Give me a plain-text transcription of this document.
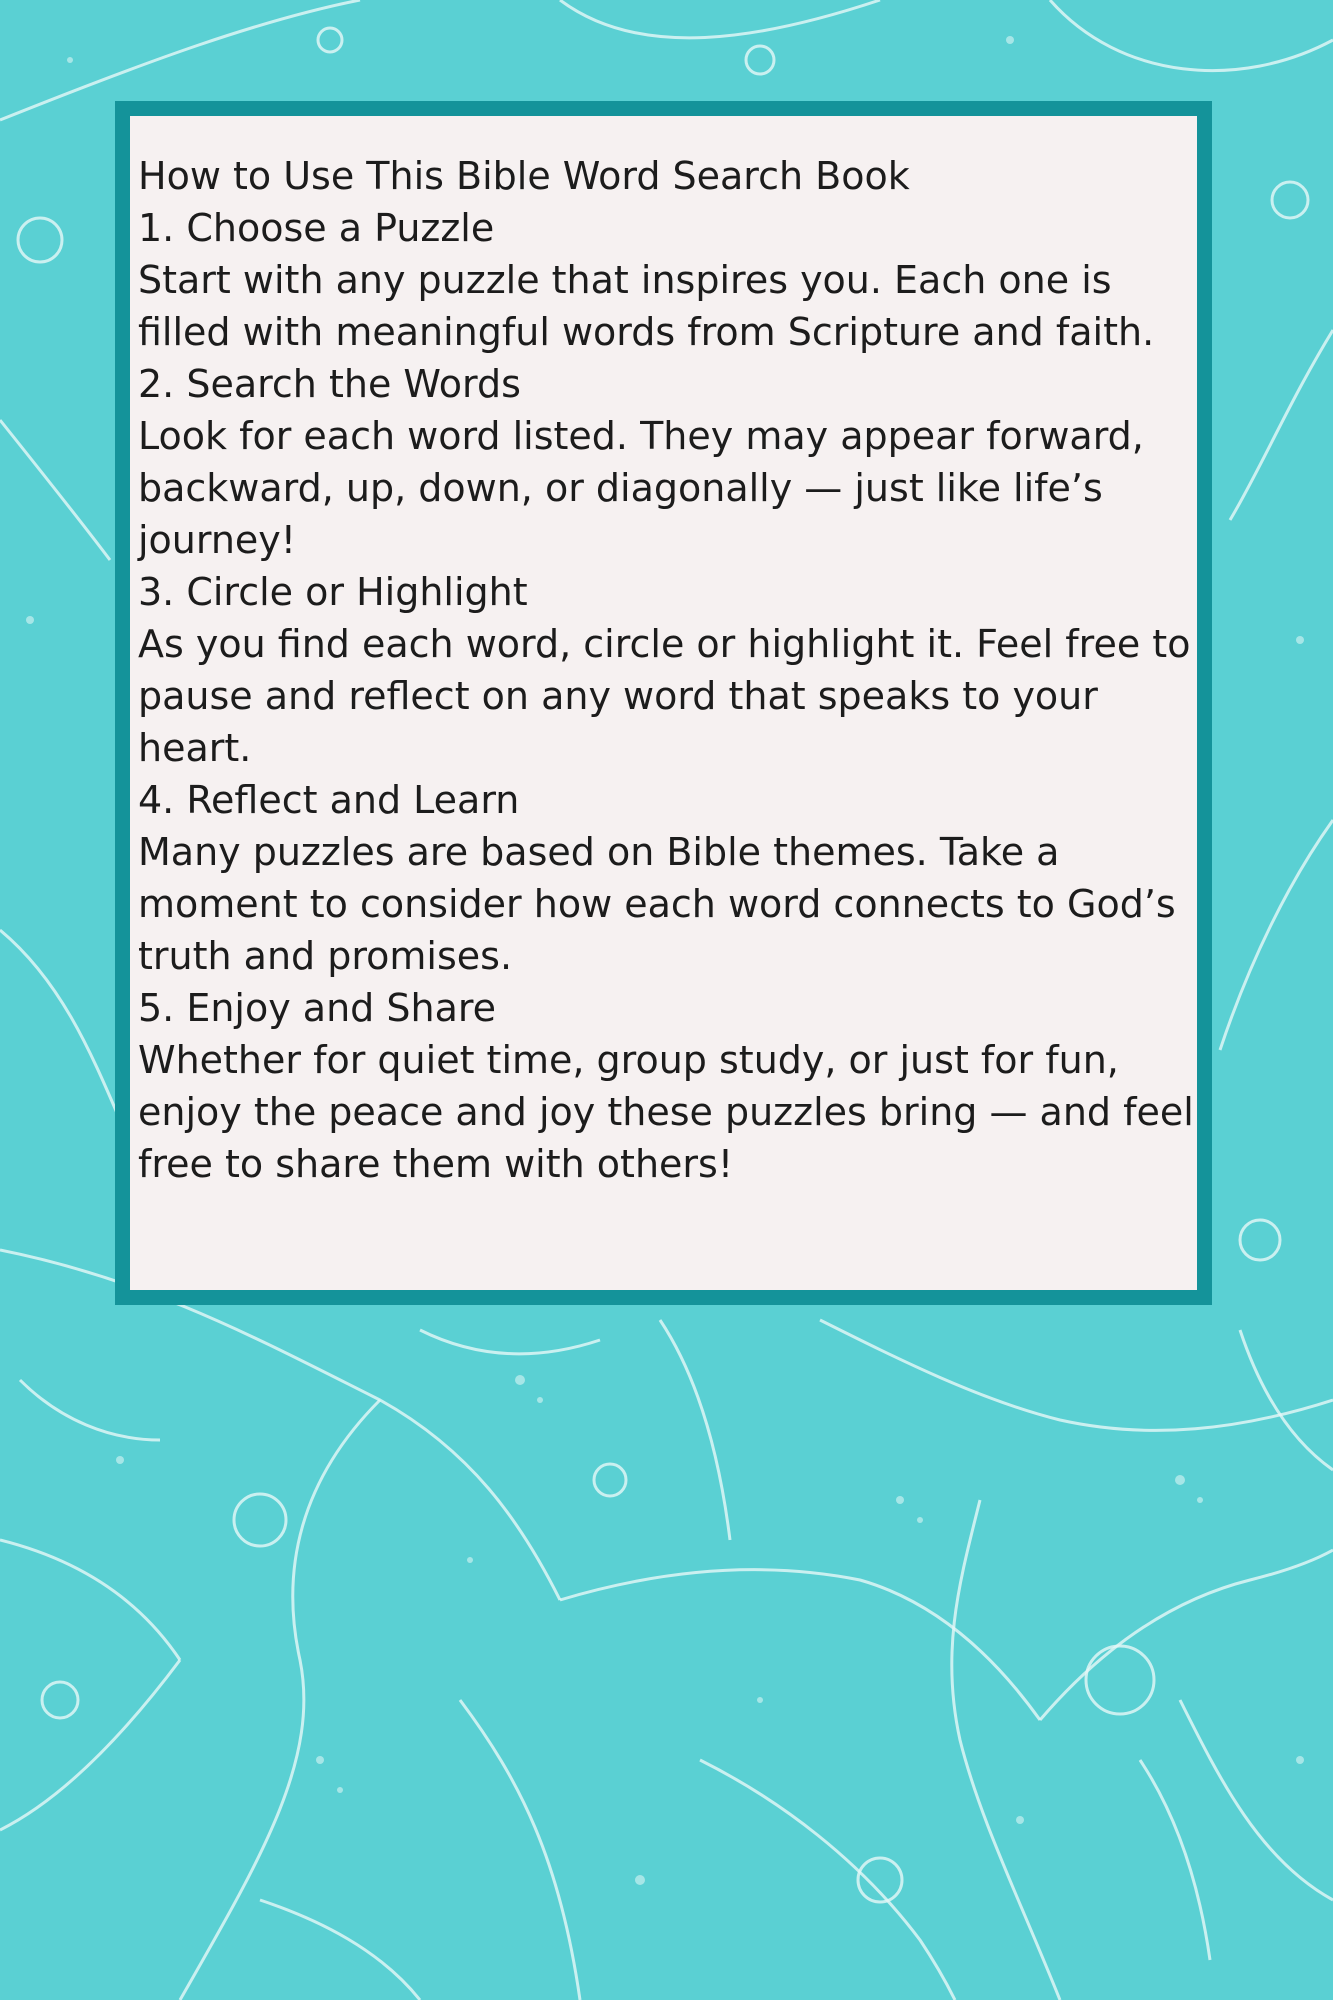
How to Use This Bible Word Search Book

1. Choose a Puzzle

Start with any puzzle that inspires you. Each one is filled with meaningful words from Scripture and faith.

2. Search the Words

Look for each word listed. They may appear forward, backward, up, down, or diagonally — just like life’s journey!

3. Circle or Highlight

As you find each word, circle or highlight it. Feel free to pause and reflect on any word that speaks to your heart.

4. Reflect and Learn

Many puzzles are based on Bible themes. Take a moment to consider how each word connects to God’s truth and promises.

5. Enjoy and Share

Whether for quiet time, group study, or just for fun, enjoy the peace and joy these puzzles bring — and feel free to share them with others!
